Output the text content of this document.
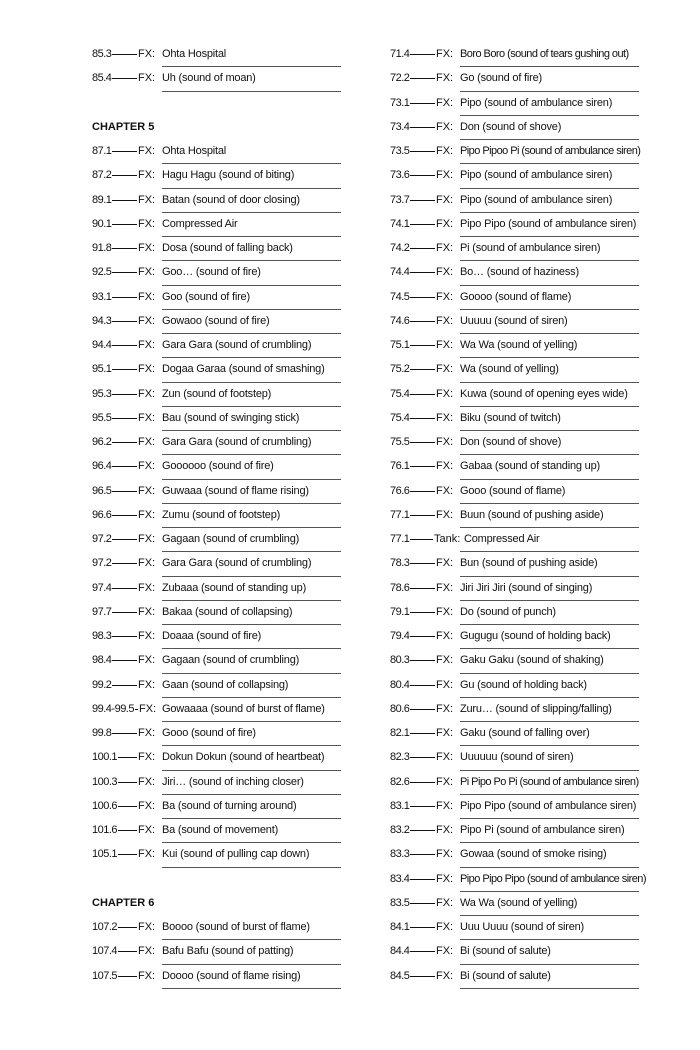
85.3 FX: Ohta Hospital
85.4 FX: Uh (sound of moan)
CHAPTER 5
87.1 FX: Ohta Hospital
87.2 FX: Hagu Hagu (sound of biting)
89.1 FX: Batan (sound of door closing)
90.1 FX: Compressed Air
91.8 FX: Dosa (sound of falling back)
92.5 FX: Goo… (sound of fire)
93.1 FX: Goo (sound of fire)
94.3 FX: Gowaoo (sound of fire)
94.4 FX: Gara Gara (sound of crumbling)
95.1 FX: Dogaa Garaa (sound of smashing)
95.3 FX: Zun (sound of footstep)
95.5 FX: Bau (sound of swinging stick)
96.2 FX: Gara Gara (sound of crumbling)
96.4 FX: Goooooo (sound of fire)
96.5 FX: Guwaaa (sound of flame rising)
96.6 FX: Zumu (sound of footstep)
97.2 FX: Gagaan (sound of crumbling)
97.2 FX: Gara Gara (sound of crumbling)
97.4 FX: Zubaaa (sound of standing up)
97.7 FX: Bakaa (sound of collapsing)
98.3 FX: Doaaa (sound of fire)
98.4 FX: Gagaan (sound of crumbling)
99.2 FX: Gaan (sound of collapsing)
99.4-99.5 FX: Gowaaaa (sound of burst of flame)
99.8 FX: Gooo (sound of fire)
100.1 FX: Dokun Dokun (sound of heartbeat)
100.3 FX: Jiri… (sound of inching closer)
100.6 FX: Ba (sound of turning around)
101.6 FX: Ba (sound of movement)
105.1 FX: Kui (sound of pulling cap down)
CHAPTER 6
107.2 FX: Boooo (sound of burst of flame)
107.4 FX: Bafu Bafu (sound of patting)
107.5 FX: Doooo (sound of flame rising)
71.4 FX: Boro Boro (sound of tears gushing out)
72.2 FX: Go (sound of fire)
73.1 FX: Pipo (sound of ambulance siren)
73.4 FX: Don (sound of shove)
73.5 FX: Pipo Pipoo Pi (sound of ambulance siren)
73.6 FX: Pipo (sound of ambulance siren)
73.7 FX: Pipo (sound of ambulance siren)
74.1 FX: Pipo Pipo (sound of ambulance siren)
74.2 FX: Pi (sound of ambulance siren)
74.4 FX: Bo… (sound of haziness)
74.5 FX: Goooo (sound of flame)
74.6 FX: Uuuuu (sound of siren)
75.1 FX: Wa Wa (sound of yelling)
75.2 FX: Wa (sound of yelling)
75.4 FX: Kuwa (sound of opening eyes wide)
75.4 FX: Biku (sound of twitch)
75.5 FX: Don (sound of shove)
76.1 FX: Gabaa (sound of standing up)
76.6 FX: Gooo (sound of flame)
77.1 FX: Buun (sound of pushing aside)
77.1 Tank: Compressed Air
78.3 FX: Bun (sound of pushing aside)
78.6 FX: Jiri Jiri Jiri (sound of singing)
79.1 FX: Do (sound of punch)
79.4 FX: Gugugu (sound of holding back)
80.3 FX: Gaku Gaku (sound of shaking)
80.4 FX: Gu (sound of holding back)
80.6 FX: Zuru… (sound of slipping/falling)
82.1 FX: Gaku (sound of falling over)
82.3 FX: Uuuuuu (sound of siren)
82.6 FX: Pi Pipo Po Pi (sound of ambulance siren)
83.1 FX: Pipo Pipo (sound of ambulance siren)
83.2 FX: Pipo Pi (sound of ambulance siren)
83.3 FX: Gowaa (sound of smoke rising)
83.4 FX: Pipo Pipo Pipo (sound of ambulance siren)
83.5 FX: Wa Wa (sound of yelling)
84.1 FX: Uuu Uuuu (sound of siren)
84.4 FX: Bi (sound of salute)
84.5 FX: Bi (sound of salute)
